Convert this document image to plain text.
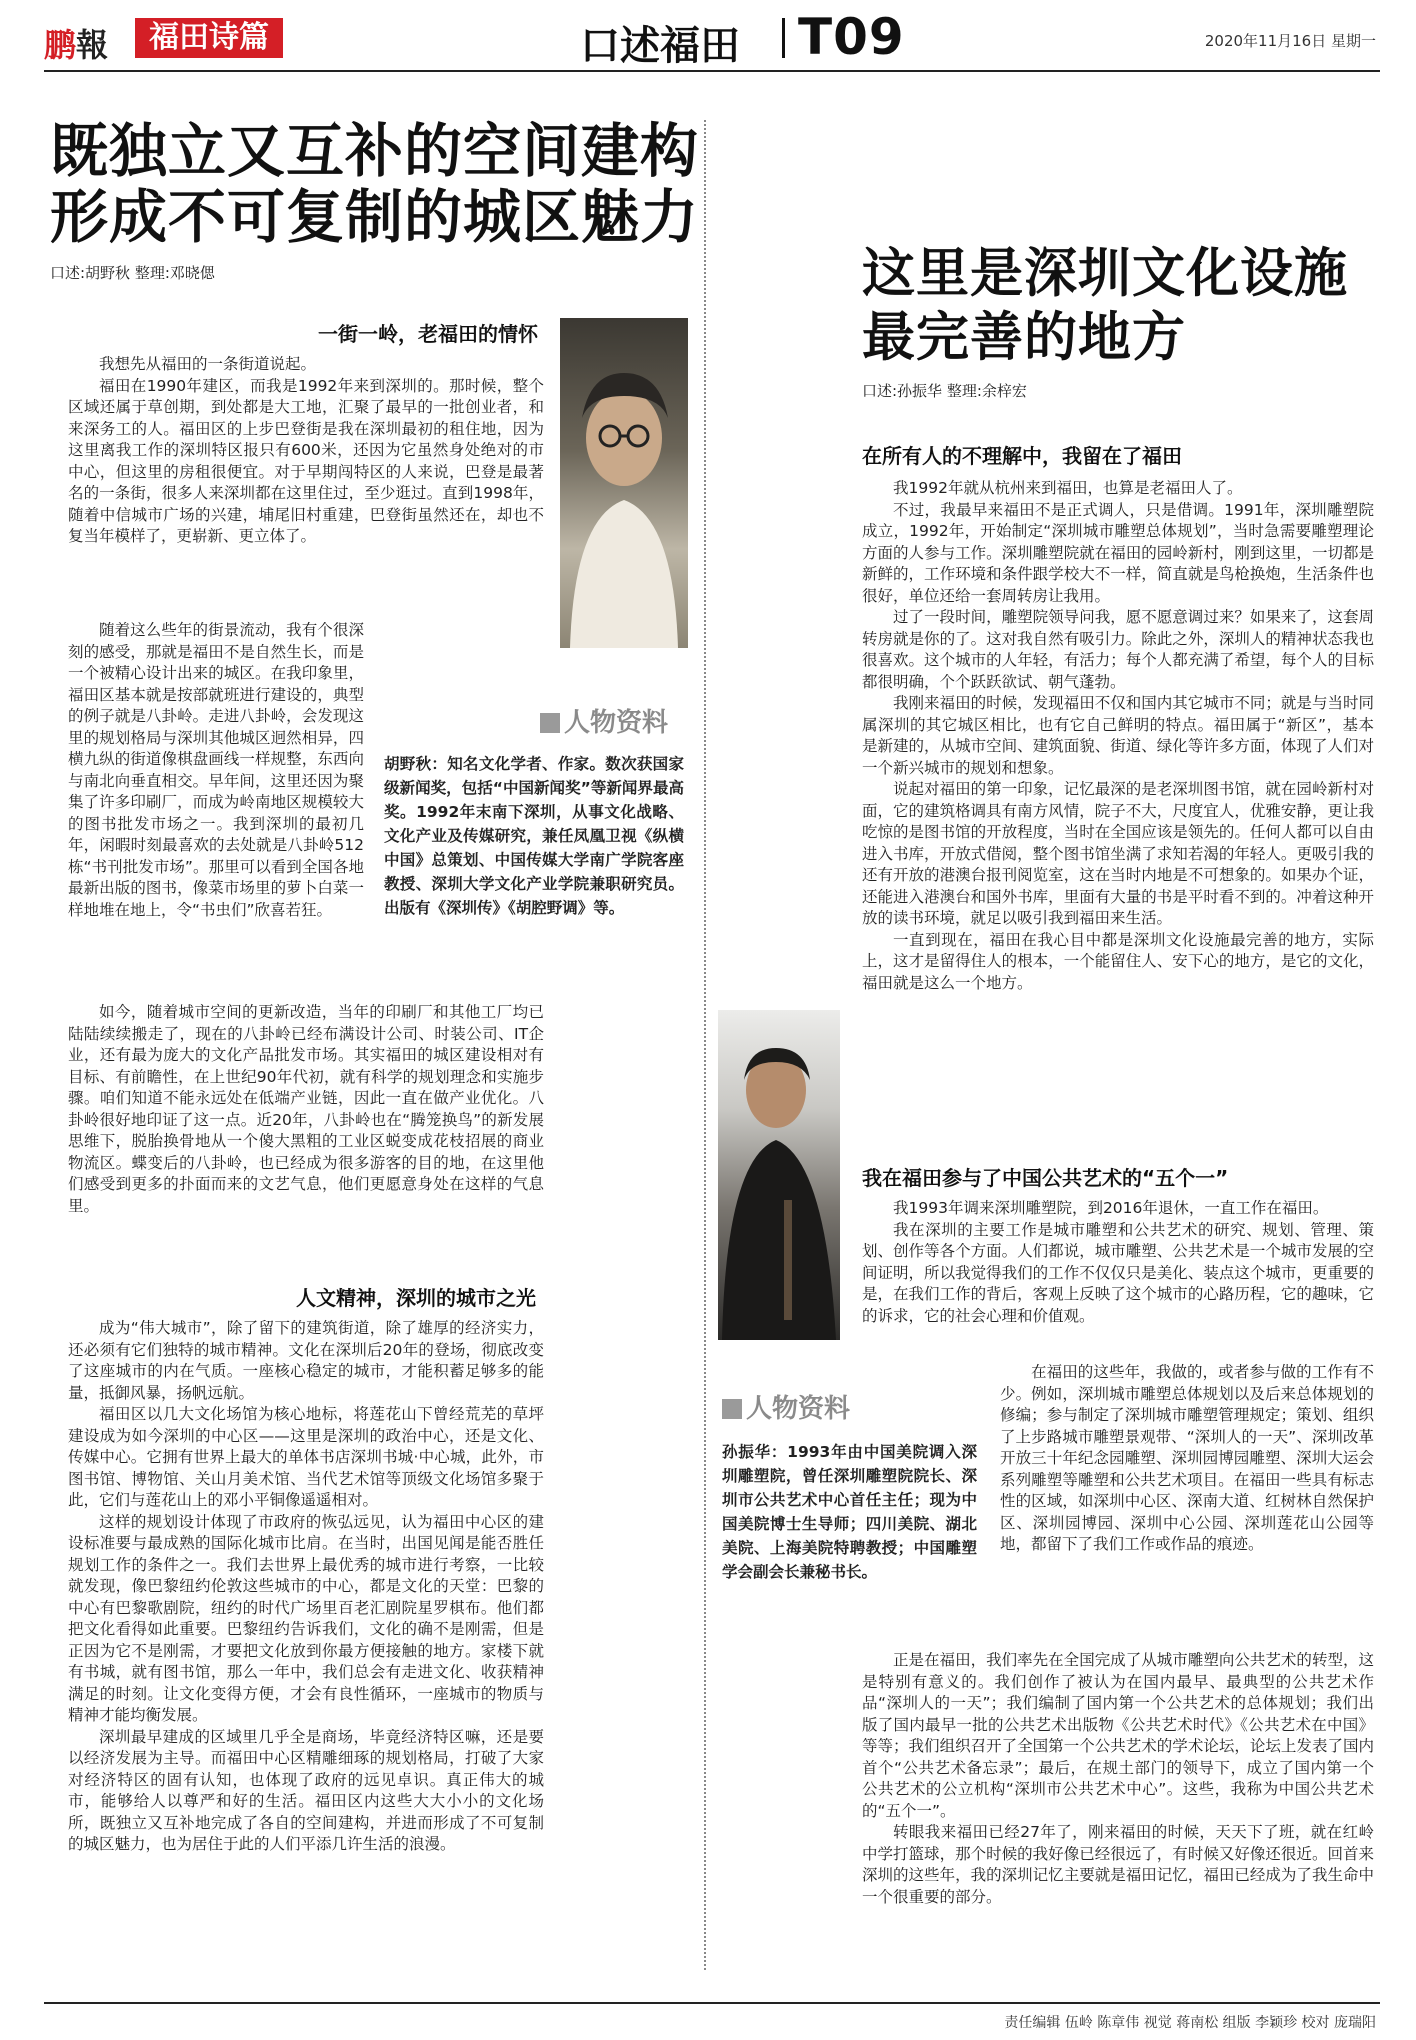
鹏報	福田诗篇	口述福田 T09	2020年11月16日 星期一
既独立又互补的空间建构
形成不可复制的城区魅力
口述:胡野秋 整理:邓晓偲
一街一岭，老福田的情怀

我想先从福田的一条街道说起。

福田在1990年建区，而我是1992年来到深圳的。那时候，整个区域还属于草创期，到处都是大工地，汇聚了最早的一批创业者，和来深务工的人。福田区的上步巴登街是我在深圳最初的租住地，因为这里离我工作的深圳特区报只有600米，还因为它虽然身处绝对的市中心，但这里的房租很便宜。对于早期闯特区的人来说，巴登是最著名的一条街，很多人来深圳都在这里住过，至少逛过。直到1998年，随着中信城市广场的兴建，埔尾旧村重建，巴登街虽然还在，却也不复当年模样了，更崭新、更立体了。

随着这么些年的街景流动，我有个很深刻的感受，那就是福田不是自然生长，而是一个被精心设计出来的城区。在我印象里，福田区基本就是按部就班进行建设的，典型的例子就是八卦岭。走进八卦岭，会发现这里的规划格局与深圳其他城区迥然相异，四横九纵的街道像棋盘画线一样规整，东西向与南北向垂直相交。早年间，这里还因为聚集了许多印刷厂，而成为岭南地区规模较大的图书批发市场之一。我到深圳的最初几年，闲暇时刻最喜欢的去处就是八卦岭512栋“书刊批发市场”。那里可以看到全国各地最新出版的图书，像菜市场里的萝卜白菜一样地堆在地上，令“书虫们”欣喜若狂。

如今，随着城市空间的更新改造，当年的印刷厂和其他工厂均已陆陆续续搬走了，现在的八卦岭已经布满设计公司、时装公司、IT企业，还有最为庞大的文化产品批发市场。其实福田的城区建设相对有目标、有前瞻性，在上世纪90年代初，就有科学的规划理念和实施步骤。咱们知道不能永远处在低端产业链，因此一直在做产业优化。八卦岭很好地印证了这一点。近20年，八卦岭也在“腾笼换鸟”的新发展思维下，脱胎换骨地从一个傻大黑粗的工业区蜕变成花枝招展的商业物流区。蝶变后的八卦岭，也已经成为很多游客的目的地，在这里他们感受到更多的扑面而来的文艺气息，他们更愿意身处在这样的气息里。

人物资料
胡野秋：知名文化学者、作家。数次获国家级新闻奖，包括“中国新闻奖”等新闻界最高奖。1992年末南下深圳，从事文化战略、文化产业及传媒研究，兼任凤凰卫视《纵横中国》总策划、中国传媒大学南广学院客座教授、深圳大学文化产业学院兼职研究员。出版有《深圳传》《胡腔野调》等。
人文精神，深圳的城市之光

成为“伟大城市”，除了留下的建筑街道，除了雄厚的经济实力，还必须有它们独特的城市精神。文化在深圳后20年的登场，彻底改变了这座城市的内在气质。一座核心稳定的城市，才能积蓄足够多的能量，抵御风暴，扬帆远航。

福田区以几大文化场馆为核心地标，将莲花山下曾经荒芜的草坪建设成为如今深圳的中心区——这里是深圳的政治中心，还是文化、传媒中心。它拥有世界上最大的单体书店深圳书城·中心城，此外，市图书馆、博物馆、关山月美术馆、当代艺术馆等顶级文化场馆多聚于此，它们与莲花山上的邓小平铜像遥遥相对。

这样的规划设计体现了市政府的恢弘远见，认为福田中心区的建设标准要与最成熟的国际化城市比肩。在当时，出国见闻是能否胜任规划工作的条件之一。我们去世界上最优秀的城市进行考察，一比较就发现，像巴黎纽约伦敦这些城市的中心，都是文化的天堂：巴黎的中心有巴黎歌剧院，纽约的时代广场里百老汇剧院星罗棋布。他们都把文化看得如此重要。巴黎纽约告诉我们，文化的确不是刚需，但是正因为它不是刚需，才要把文化放到你最方便接触的地方。家楼下就有书城，就有图书馆，那么一年中，我们总会有走进文化、收获精神满足的时刻。让文化变得方便，才会有良性循环，一座城市的物质与精神才能均衡发展。

深圳最早建成的区域里几乎全是商场，毕竟经济特区嘛，还是要以经济发展为主导。而福田中心区精雕细琢的规划格局，打破了大家对经济特区的固有认知，也体现了政府的远见卓识。真正伟大的城市，能够给人以尊严和好的生活。福田区内这些大大小小的文化场所，既独立又互补地完成了各自的空间建构，并进而形成了不可复制的城区魅力，也为居住于此的人们平添几许生活的浪漫。

这里是深圳文化设施
最完善的地方
口述:孙振华 整理:余梓宏
在所有人的不理解中，我留在了福田

我1992年就从杭州来到福田，也算是老福田人了。

不过，我最早来福田不是正式调人，只是借调。1991年，深圳雕塑院成立，1992年，开始制定“深圳城市雕塑总体规划”，当时急需要雕塑理论方面的人参与工作。深圳雕塑院就在福田的园岭新村，刚到这里，一切都是新鲜的，工作环境和条件跟学校大不一样，简直就是鸟枪换炮，生活条件也很好，单位还给一套周转房让我用。

过了一段时间，雕塑院领导问我，愿不愿意调过来？如果来了，这套周转房就是你的了。这对我自然有吸引力。除此之外，深圳人的精神状态我也很喜欢。这个城市的人年轻，有活力；每个人都充满了希望，每个人的目标都很明确，个个跃跃欲试、朝气蓬勃。

我刚来福田的时候，发现福田不仅和国内其它城市不同；就是与当时同属深圳的其它城区相比，也有它自己鲜明的特点。福田属于“新区”，基本是新建的，从城市空间、建筑面貌、街道、绿化等许多方面，体现了人们对一个新兴城市的规划和想象。

说起对福田的第一印象，记忆最深的是老深圳图书馆，就在园岭新村对面，它的建筑格调具有南方风情，院子不大，尺度宜人，优雅安静，更让我吃惊的是图书馆的开放程度，当时在全国应该是领先的。任何人都可以自由进入书库，开放式借阅，整个图书馆坐满了求知若渴的年轻人。更吸引我的还有开放的港澳台报刊阅览室，这在当时内地是不可想象的。如果办个证，还能进入港澳台和国外书库，里面有大量的书是平时看不到的。冲着这种开放的读书环境，就足以吸引我到福田来生活。

一直到现在，福田在我心目中都是深圳文化设施最完善的地方，实际上，这才是留得住人的根本，一个能留住人、安下心的地方，是它的文化，福田就是这么一个地方。

我在福田参与了中国公共艺术的“五个一”

我1993年调来深圳雕塑院，到2016年退休，一直工作在福田。

我在深圳的主要工作是城市雕塑和公共艺术的研究、规划、管理、策划、创作等各个方面。人们都说，城市雕塑、公共艺术是一个城市发展的空间证明，所以我觉得我们的工作不仅仅只是美化、装点这个城市，更重要的是，在我们工作的背后，客观上反映了这个城市的心路历程，它的趣味，它的诉求，它的社会心理和价值观。

在福田的这些年，我做的，或者参与做的工作有不少。例如，深圳城市雕塑总体规划以及后来总体规划的修编；参与制定了深圳城市雕塑管理规定；策划、组织了上步路城市雕塑景观带、“深圳人的一天”、深圳改革开放三十年纪念园雕塑、深圳园博园雕塑、深圳大运会系列雕塑等雕塑和公共艺术项目。在福田一些具有标志性的区域，如深圳中心区、深南大道、红树林自然保护区、深圳园博园、深圳中心公园、深圳莲花山公园等地，都留下了我们工作或作品的痕迹。

正是在福田，我们率先在全国完成了从城市雕塑向公共艺术的转型，这是特别有意义的。我们创作了被认为在国内最早、最典型的公共艺术作品“深圳人的一天”；我们编制了国内第一个公共艺术的总体规划；我们出版了国内最早一批的公共艺术出版物《公共艺术时代》《公共艺术在中国》等等；我们组织召开了全国第一个公共艺术的学术论坛，论坛上发表了国内首个“公共艺术备忘录”；最后，在规土部门的领导下，成立了国内第一个公共艺术的公立机构“深圳市公共艺术中心”。这些，我称为中国公共艺术的“五个一”。

转眼我来福田已经27年了，刚来福田的时候，天天下了班，就在红岭中学打篮球，那个时候的我好像已经很远了，有时候又好像还很近。回首来深圳的这些年，我的深圳记忆主要就是福田记忆，福田已经成为了我生命中一个很重要的部分。

人物资料
孙振华：1993年由中国美院调入深圳雕塑院，曾任深圳雕塑院院长、深圳市公共艺术中心首任主任；现为中国美院博士生导师；四川美院、湖北美院、上海美院特聘教授；中国雕塑学会副会长兼秘书长。
责任编辑 伍岭 陈章伟 视觉 蒋南松 组版 李颖珍 校对 庞瑞阳
